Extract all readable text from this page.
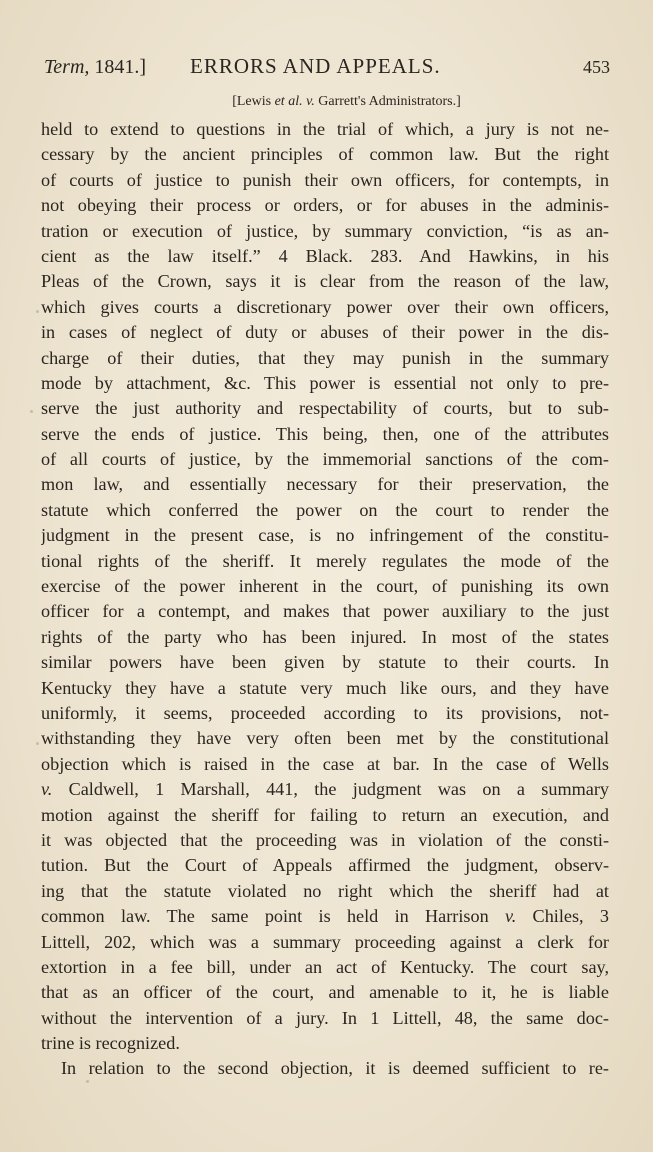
Term, 1841.] ERRORS AND APPEALS.	453
[Lewis et al. v. Garrett's Administrators.]
held to extend to questions in the trial of which, a jury is not ne-
cessary by the ancient principles of common law. But the right
of courts of justice to punish their own officers, for contempts, in
not obeying their process or orders, or for abuses in the adminis-
tration or execution of justice, by summary conviction, “is as an-
cient as the law itself.” 4 Black. 283. And Hawkins, in his
Pleas of the Crown, says it is clear from the reason of the law,
which gives courts a discretionary power over their own officers,
in cases of neglect of duty or abuses of their power in the dis-
charge of their duties, that they may punish in the summary
mode by attachment, &c. This power is essential not only to pre-
serve the just authority and respectability of courts, but to sub-
serve the ends of justice. This being, then, one of the attributes
of all courts of justice, by the immemorial sanctions of the com-
mon law, and essentially necessary for their preservation, the
statute which conferred the power on the court to render the
judgment in the present case, is no infringement of the constitu-
tional rights of the sheriff. It merely regulates the mode of the
exercise of the power inherent in the court, of punishing its own
officer for a contempt, and makes that power auxiliary to the just
rights of the party who has been injured. In most of the states
similar powers have been given by statute to their courts. In
Kentucky they have a statute very much like ours, and they have
uniformly, it seems, proceeded according to its provisions, not-
withstanding they have very often been met by the constitutional
objection which is raised in the case at bar. In the case of Wells
v. Caldwell, 1 Marshall, 441, the judgment was on a summary
motion against the sheriff for failing to return an execution, and
it was objected that the proceeding was in violation of the consti-
tution. But the Court of Appeals affirmed the judgment, observ-
ing that the statute violated no right which the sheriff had at
common law. The same point is held in Harrison v. Chiles, 3
Littell, 202, which was a summary proceeding against a clerk for
extortion in a fee bill, under an act of Kentucky. The court say,
that as an officer of the court, and amenable to it, he is liable
without the intervention of a jury. In 1 Littell, 48, the same doc-
trine is recognized.
In relation to the second objection, it is deemed sufficient to re-
